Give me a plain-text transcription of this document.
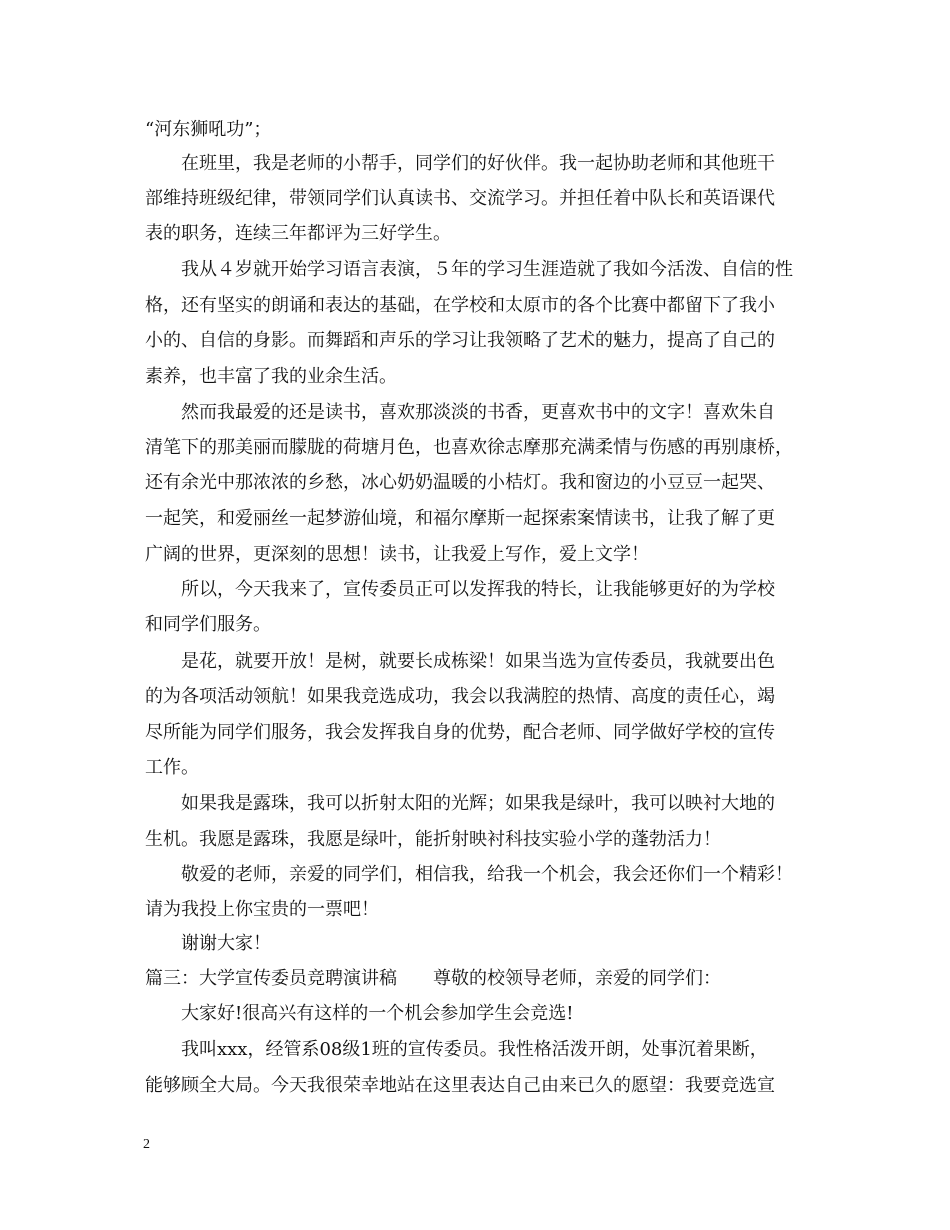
“河东狮吼功”；
　　在班里，我是老师的小帮手，同学们的好伙伴。我一起协助老师和其他班干
部维持班级纪律，带领同学们认真读书、交流学习。并担任着中队长和英语课代
表的职务，连续三年都评为三好学生。
　　我从４岁就开始学习语言表演，５年的学习生涯造就了我如今活泼、自信的性
格，还有坚实的朗诵和表达的基础，在学校和太原市的各个比赛中都留下了我小
小的、自信的身影。而舞蹈和声乐的学习让我领略了艺术的魅力，提高了自己的
素养，也丰富了我的业余生活。
　　然而我最爱的还是读书，喜欢那淡淡的书香，更喜欢书中的文字！喜欢朱自
清笔下的那美丽而朦胧的荷塘月色，也喜欢徐志摩那充满柔情与伤感的再别康桥，
还有余光中那浓浓的乡愁，冰心奶奶温暖的小桔灯。我和窗边的小豆豆一起哭、
一起笑，和爱丽丝一起梦游仙境，和福尔摩斯一起探索案情读书，让我了解了更
广阔的世界，更深刻的思想！读书，让我爱上写作，爱上文学！
　　所以，今天我来了，宣传委员正可以发挥我的特长，让我能够更好的为学校
和同学们服务。
　　是花，就要开放！是树，就要长成栋梁！如果当选为宣传委员，我就要出色
的为各项活动领航！如果我竞选成功，我会以我满腔的热情、高度的责任心，竭
尽所能为同学们服务，我会发挥我自身的优势，配合老师、同学做好学校的宣传
工作。
　　如果我是露珠，我可以折射太阳的光辉；如果我是绿叶，我可以映衬大地的
生机。我愿是露珠，我愿是绿叶，能折射映衬科技实验小学的蓬勃活力！
　　敬爱的老师，亲爱的同学们，相信我，给我一个机会，我会还你们一个精彩！
请为我投上你宝贵的一票吧！
　　谢谢大家！
篇三：大学宣传委员竞聘演讲稿　　尊敬的校领导老师，亲爱的同学们：
　　大家好!很高兴有这样的一个机会参加学生会竞选!
　　我叫xxx，经管系08级1班的宣传委员。我性格活泼开朗，处事沉着果断，
能够顾全大局。今天我很荣幸地站在这里表达自己由来已久的愿望：我要竞选宣
2
